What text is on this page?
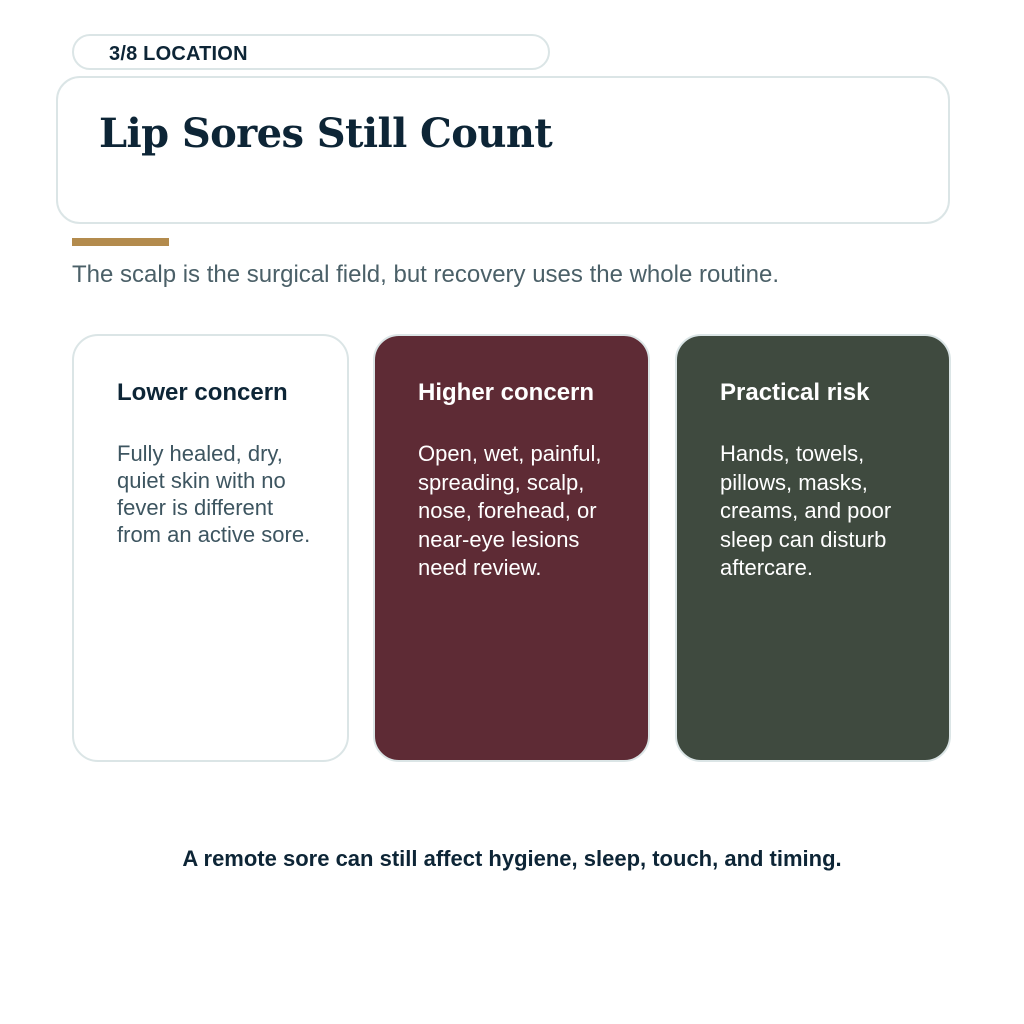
3/8 LOCATION
Lip Sores Still Count

The scalp is the surgical field, but recovery uses the whole routine.

Lower concern

Fully healed, dry, quiet skin with no fever is different from an active sore.

Higher concern

Open, wet, painful, spreading, scalp, nose, forehead, or near-eye lesions need review.

Practical risk

Hands, towels, pillows, masks, creams, and poor sleep can disturb aftercare.

A remote sore can still affect hygiene, sleep, touch, and timing.
